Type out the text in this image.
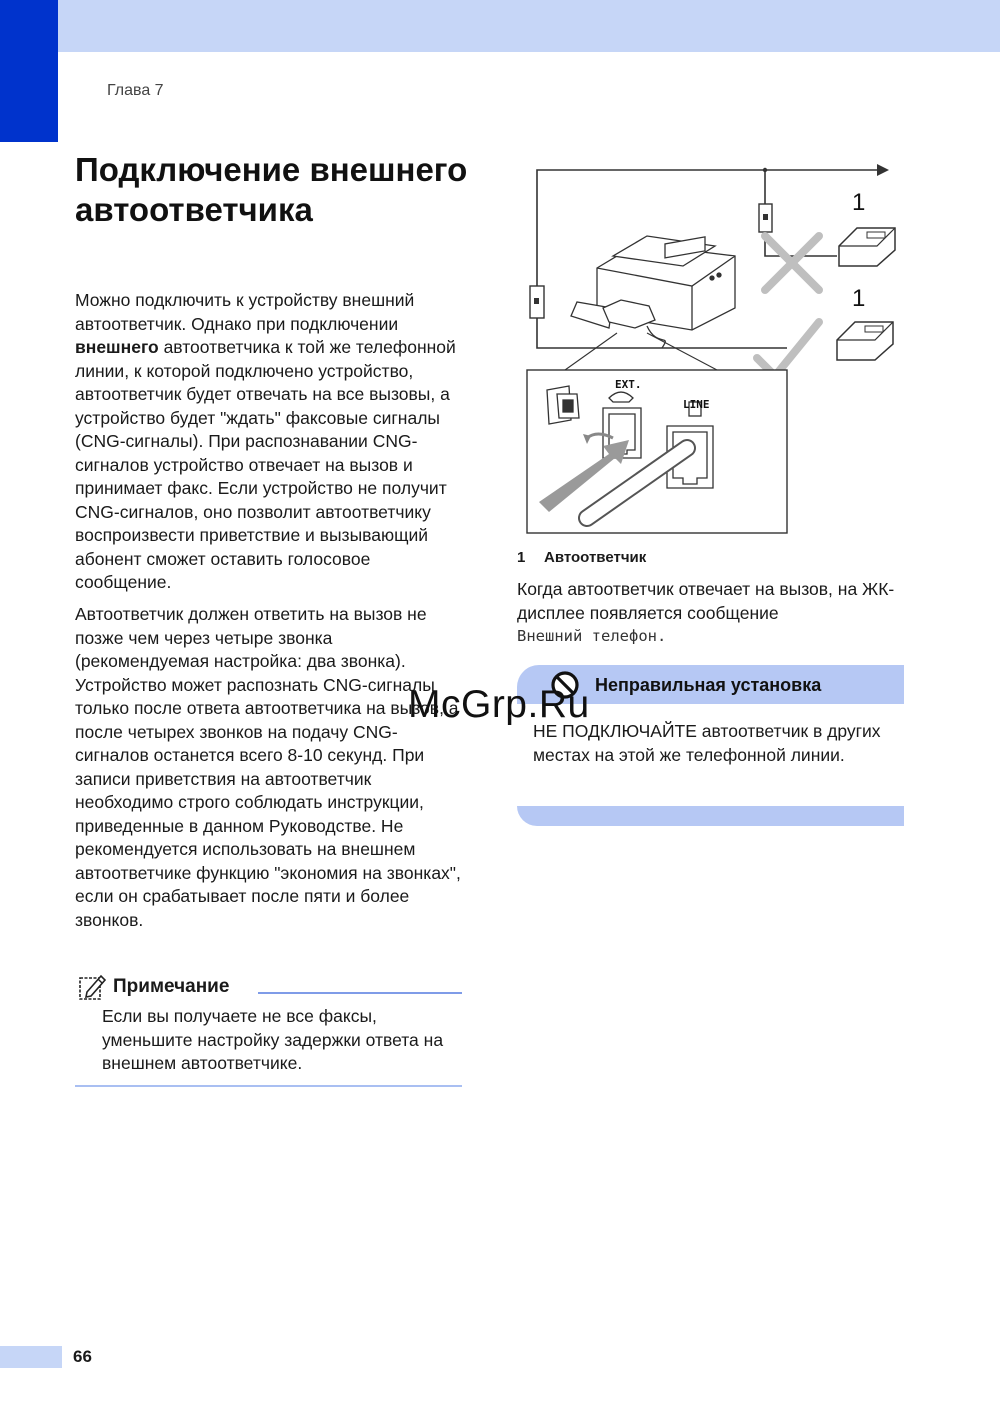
Глава 7
Подключение внешнего автоответчика

Можно подключить к устройству внешний автоответчик. Однако при подключении внешнего автоответчика к той же телефонной линии, к которой подключено устройство, автоответчик будет отвечать на все вызовы, а устройство будет "ждать" факсовые сигналы (CNG-сигналы). При распознавании CNG-сигналов устройство отвечает на вызов и принимает факс. Если устройство не получит CNG-сигналов, оно позволит автоответчику воспроизвести приветствие и вызывающий абонент сможет оставить голосовое сообщение.

Автоответчик должен ответить на вызов не позже чем через четыре звонка (рекомендуемая настройка: два звонка). Устройство может распознать CNG-сигналы только после ответа автоответчика на вызов, а после четырех звонков на подачу CNG-сигналов останется всего 8-10 секунд. При записи приветствия на автоответчик необходимо строго соблюдать инструкции, приведенные в данном Руководстве. Не рекомендуется использовать на внешнем автоответчике функцию "экономия на звонках", если он срабатывает после пяти и более звонков.

Примечание

Если вы получаете не все факсы, уменьшите настройку задержки ответа на внешнем автоответчике.

1
1
EXT.
LINE
1 Автоответчик

Когда автоответчик отвечает на вызов, на ЖК-дисплее появляется сообщение
Внешний телефон.

Неправильная установка

НЕ ПОДКЛЮЧАЙТЕ автоответчик в других местах на этой же телефонной линии.

McGrp.Ru
66
